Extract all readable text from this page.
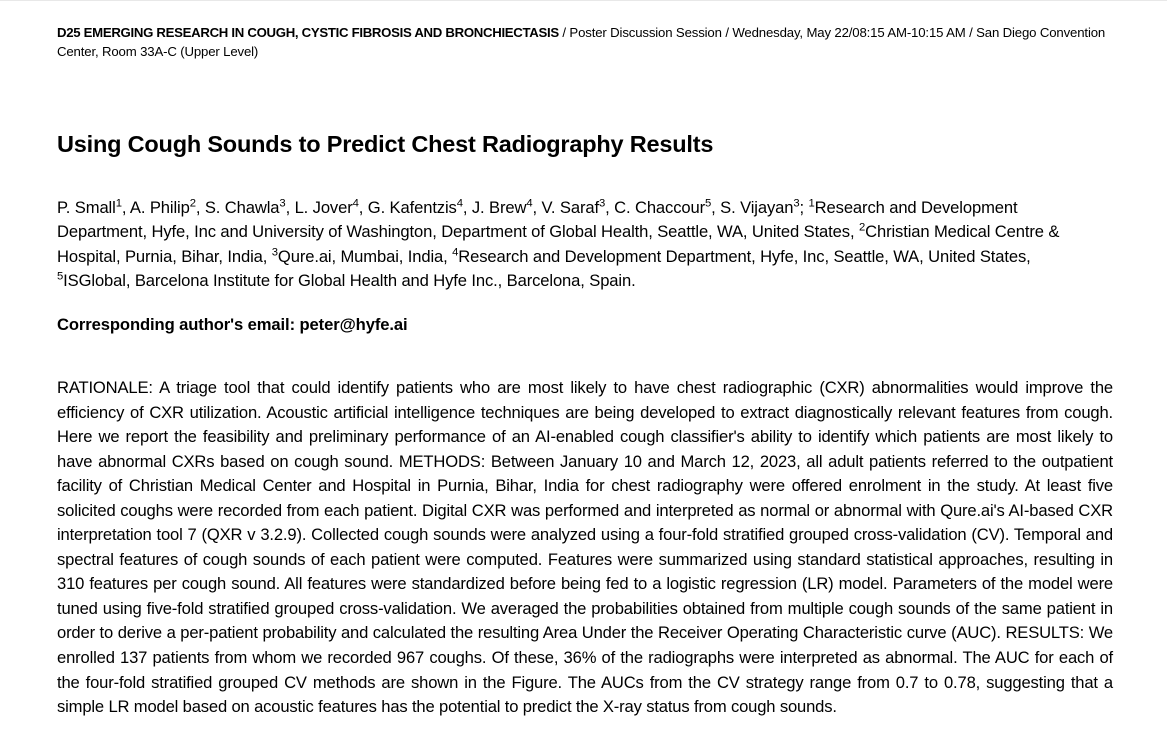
D25 EMERGING RESEARCH IN COUGH, CYSTIC FIBROSIS AND BRONCHIECTASIS / Poster Discussion Session / Wednesday, May 22/08:15 AM-10:15 AM / San Diego Convention Center, Room 33A-C (Upper Level)
Using Cough Sounds to Predict Chest Radiography Results
P. Small$^1$, A. Philip$^2$, S. Chawla$^3$, L. Jover$^4$, G. Kafentzis$^4$, J. Brew$^4$, V. Saraf$^3$, C. Chaccour$^5$, S. Vijayan$^3$; $^1$Research and Development Department, Hyfe, Inc and University of Washington, Department of Global Health, Seattle, WA, United States, $^2$Christian Medical Centre & Hospital, Purnia, Bihar, India, $^3$Qure.ai, Mumbai, India, $^4$Research and Development Department, Hyfe, Inc, Seattle, WA, United States, $^5$ISGlobal, Barcelona Institute for Global Health and Hyfe Inc., Barcelona, Spain.
Corresponding author's email: peter@hyfe.ai
RATIONALE: A triage tool that could identify patients who are most likely to have chest radiographic (CXR) abnormalities would improve the efficiency of CXR utilization. Acoustic artificial intelligence techniques are being developed to extract diagnostically relevant features from cough. Here we report the feasibility and preliminary performance of an AI-enabled cough classifier's ability to identify which patients are most likely to have abnormal CXRs based on cough sound. METHODS: Between January 10 and March 12, 2023, all adult patients referred to the outpatient facility of Christian Medical Center and Hospital in Purnia, Bihar, India for chest radiography were offered enrolment in the study. At least five solicited coughs were recorded from each patient. Digital CXR was performed and interpreted as normal or abnormal with Qure.ai's AI-based CXR interpretation tool 7 (QXR v 3.2.9). Collected cough sounds were analyzed using a four-fold stratified grouped cross-validation (CV). Temporal and spectral features of cough sounds of each patient were computed. Features were summarized using standard statistical approaches, resulting in 310 features per cough sound. All features were standardized before being fed to a logistic regression (LR) model. Parameters of the model were tuned using five-fold stratified grouped cross-validation. We averaged the probabilities obtained from multiple cough sounds of the same patient in order to derive a per-patient probability and calculated the resulting Area Under the Receiver Operating Characteristic curve (AUC). RESULTS: We enrolled 137 patients from whom we recorded 967 coughs. Of these, 36% of the radiographs were interpreted as abnormal. The AUC for each of the four-fold stratified grouped CV methods are shown in the Figure. The AUCs from the CV strategy range from 0.7 to 0.78, suggesting that a simple LR model based on acoustic features has the potential to predict the X-ray status from cough sounds.
